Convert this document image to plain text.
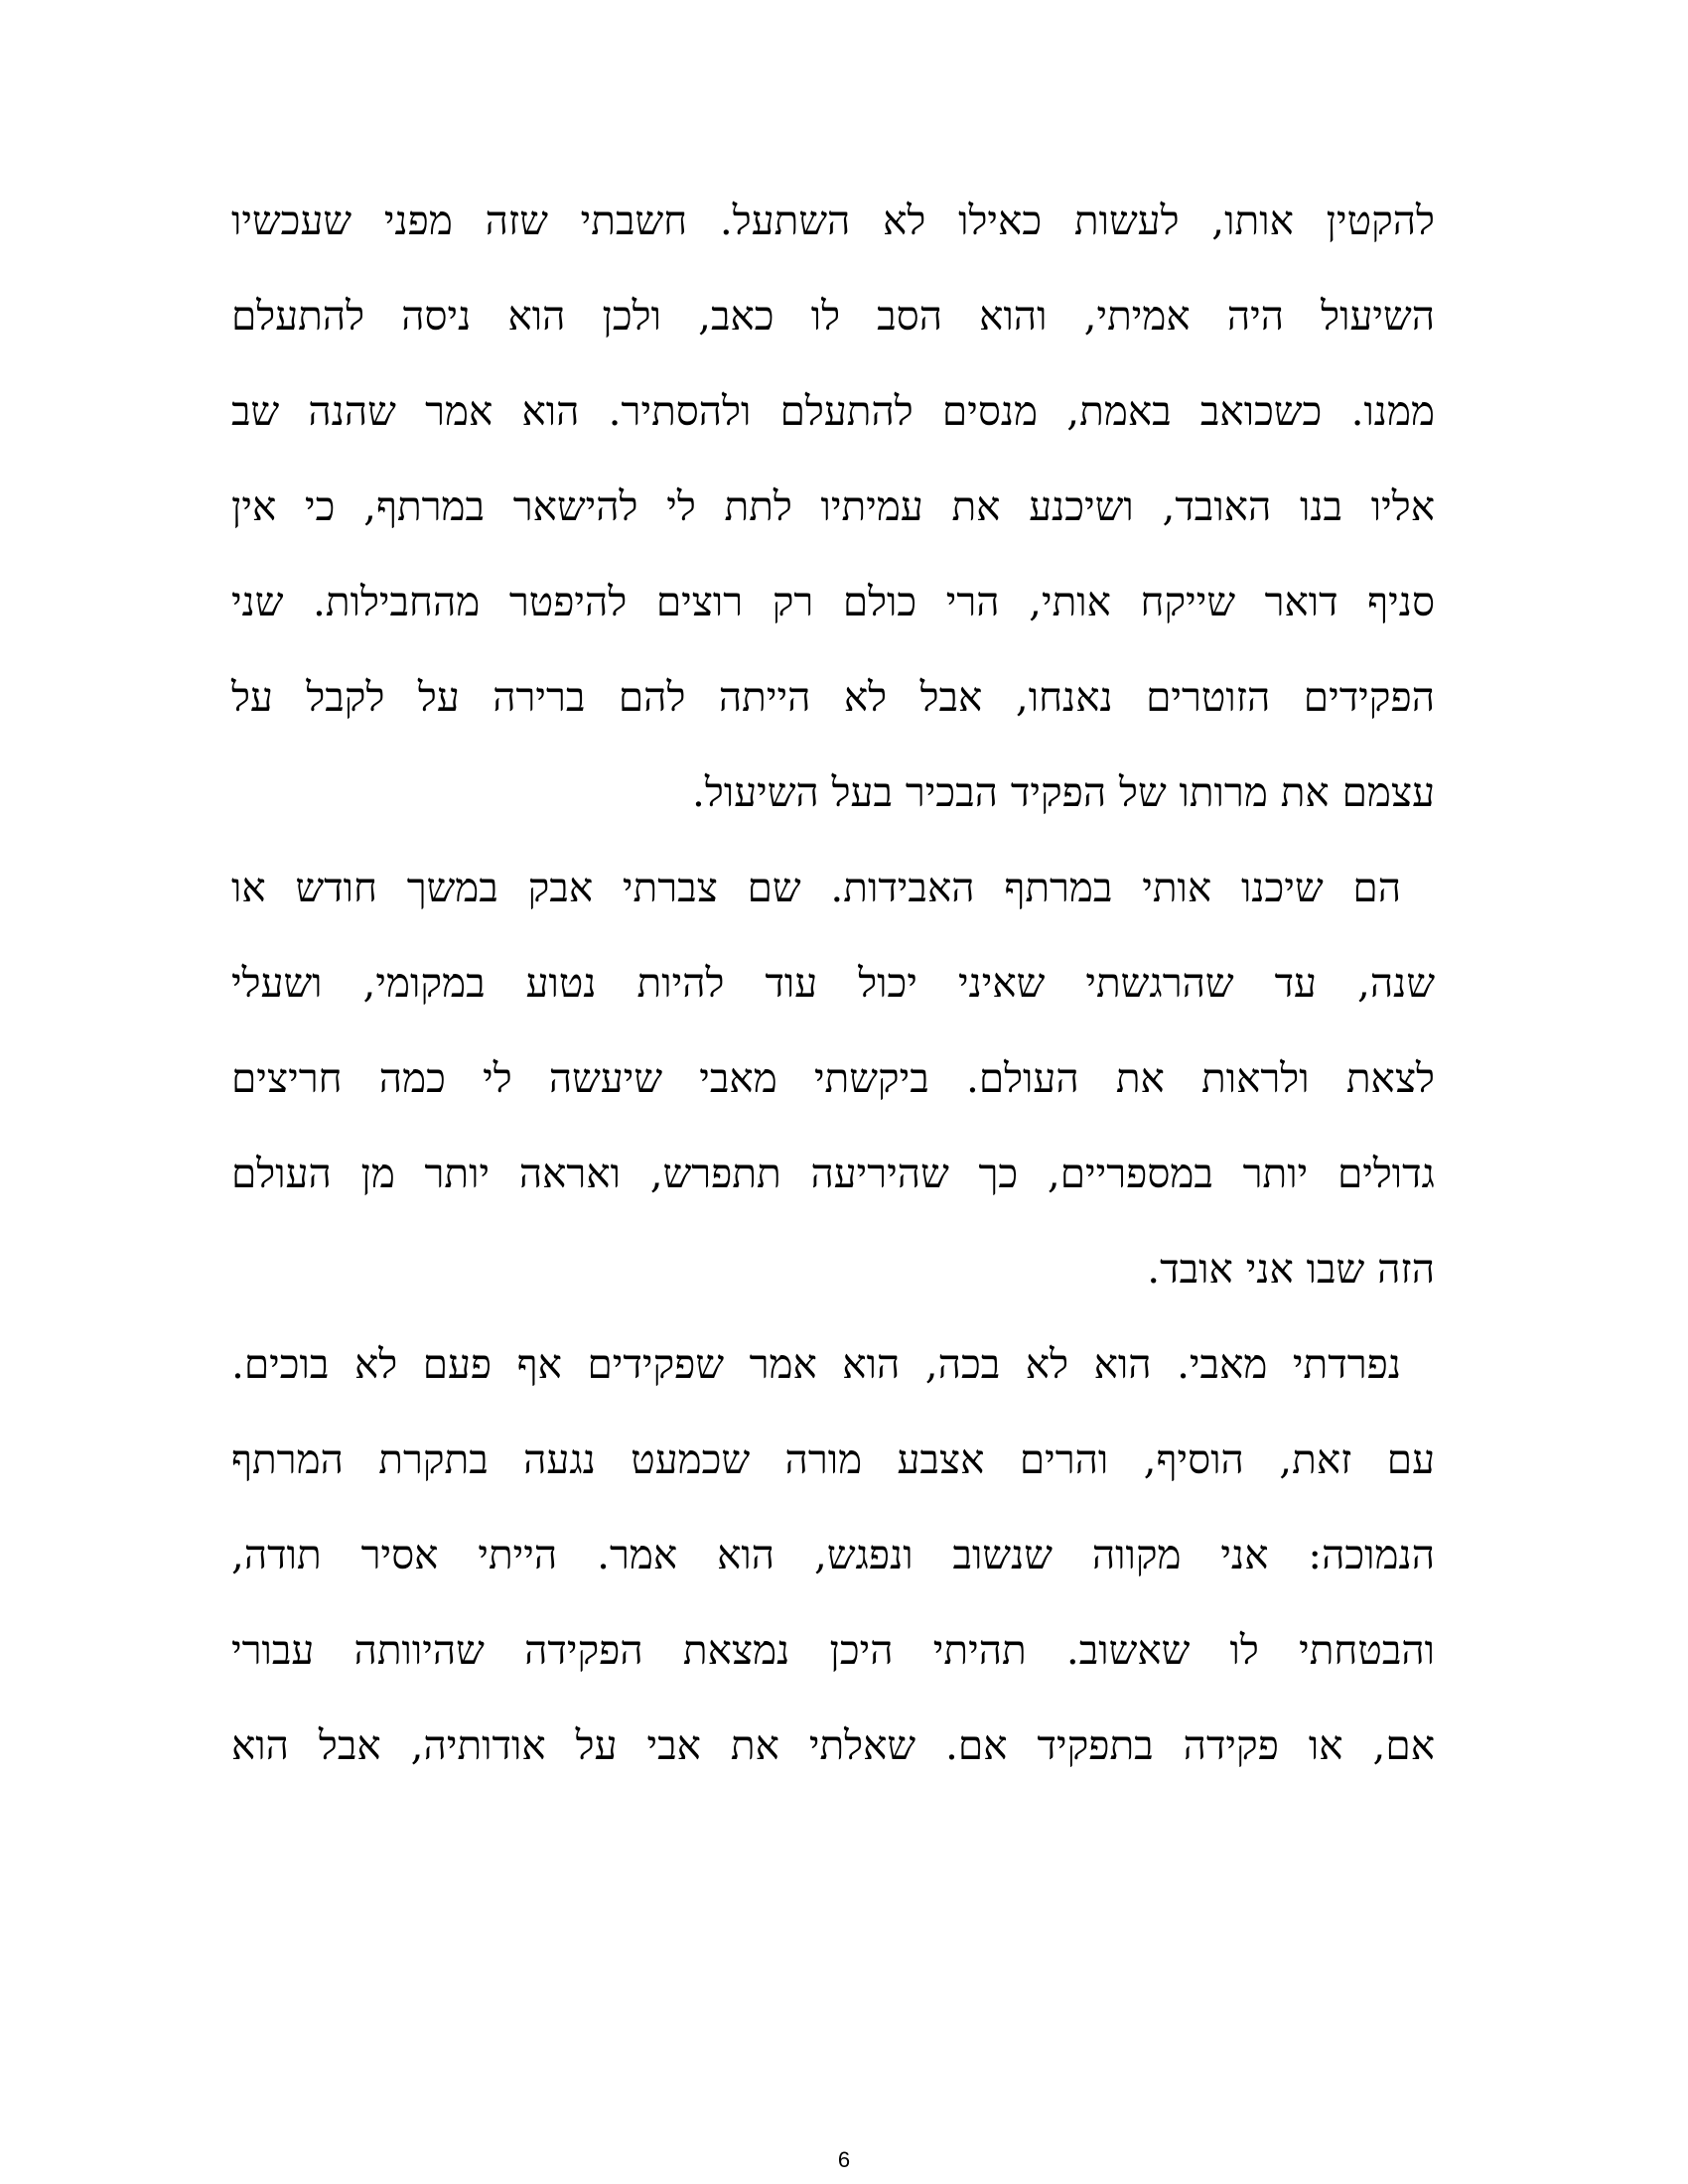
להקטין אותו, לעשות כאילו לא השתעל. חשבתי שזה מפני שעכשיו
השיעול היה אמיתי, והוא הסב לו כאב, ולכן הוא ניסה להתעלם
ממנו. כשכואב באמת, מנסים להתעלם ולהסתיר. הוא אמר שהנה שב
אליו בנו האובד, ושיכנע את עמיתיו לתת לי להישאר במרתף, כי אין
סניף דואר שייקח אותי, הרי כולם רק רוצים להיפטר מהחבילות. שני
הפקידים הזוטרים נאנחו, אבל לא הייתה להם ברירה על לקבל על
עצמם את מרותו של הפקיד הבכיר בעל השיעול.

הם שיכנו אותי במרתף האבידות. שם צברתי אבק במשך חודש או
שנה, עד שהרגשתי שאיני יכול עוד להיות נטוע במקומי, ושעלי
לצאת ולראות את העולם. ביקשתי מאבי שיעשה לי כמה חריצים
גדולים יותר במספריים, כך שהיריעה תתפרש, ואראה יותר מן העולם
הזה שבו אני אובד.

נפרדתי מאבי. הוא לא בכה, הוא אמר שפקידים אף פעם לא בוכים.
עם זאת, הוסיף, והרים אצבע מורה שכמעט נגעה בתקרת המרתף
הנמוכה: אני מקווה שנשוב ונפגש, הוא אמר. הייתי אסיר תודה,
והבטחתי לו שאשוב. תהיתי היכן נמצאת הפקידה שהיוותה עבורי
אם, או פקידה בתפקיד אם. שאלתי את אבי על אודותיה, אבל הוא

6
